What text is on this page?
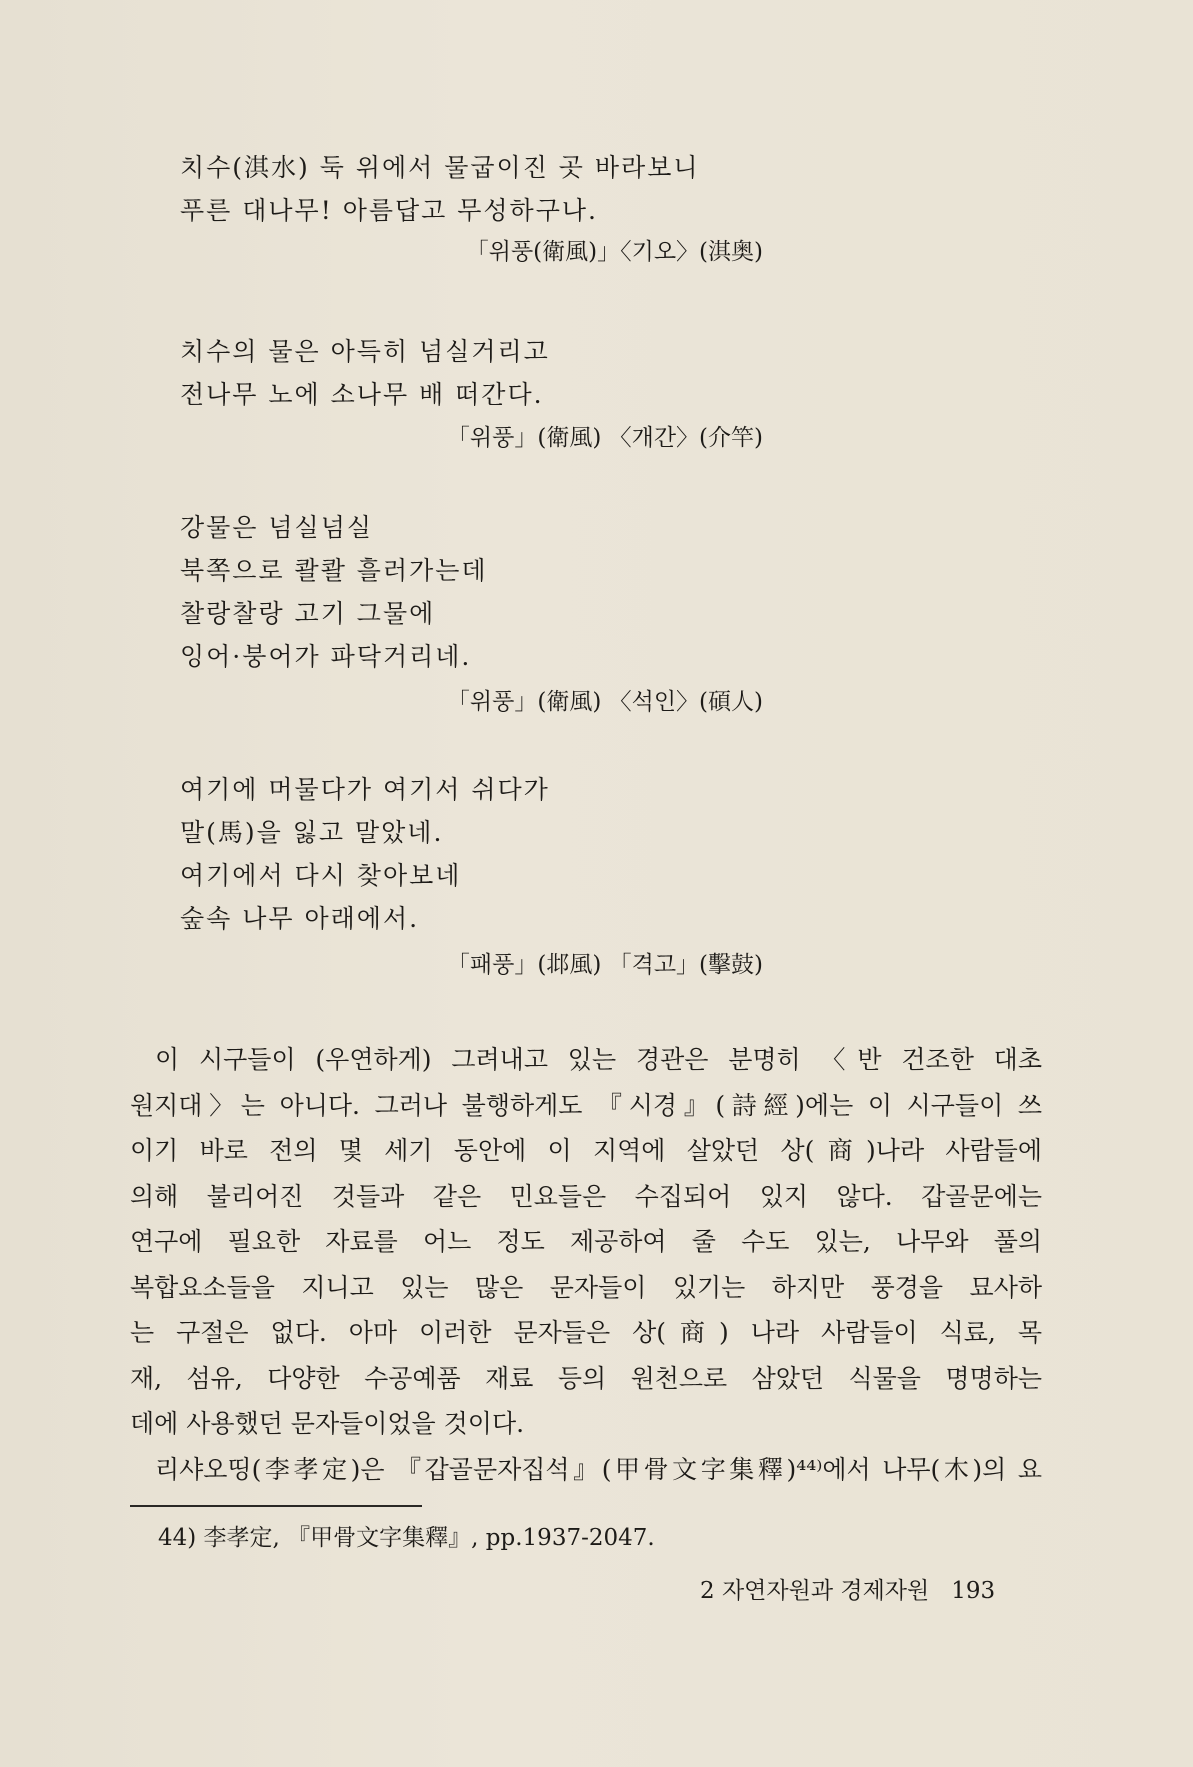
치수(淇水) 둑 위에서 물굽이진 곳 바라보니
푸른 대나무! 아름답고 무성하구나.
「위풍(衛風)」〈기오〉(淇奥)
치수의 물은 아득히 넘실거리고
전나무 노에 소나무 배 떠간다.
「위풍」(衛風) 〈개간〉(介竿)
강물은 넘실넘실
북쪽으로 콸콸 흘러가는데
찰랑찰랑 고기 그물에
잉어·붕어가 파닥거리네.
「위풍」(衛風) 〈석인〉(碩人)
여기에 머물다가 여기서 쉬다가
말(馬)을 잃고 말았네.
여기에서 다시 찾아보네
숲속 나무 아래에서.
「패풍」(邶風) 「격고」(擊鼓)

이 시구들이 (우연하게) 그려내고 있는 경관은 분명히 〈반 건조한 대초

원지대〉는 아니다. 그러나 불행하게도 『시경』(詩經)에는 이 시구들이 쓰

이기 바로 전의 몇 세기 동안에 이 지역에 살았던 상(商)나라 사람들에

의해 불리어진 것들과 같은 민요들은 수집되어 있지 않다. 갑골문에는

연구에 필요한 자료를 어느 정도 제공하여 줄 수도 있는, 나무와 풀의

복합요소들을 지니고 있는 많은 문자들이 있기는 하지만 풍경을 묘사하

는 구절은 없다. 아마 이러한 문자들은 상(商) 나라 사람들이 식료, 목

재, 섬유, 다양한 수공예품 재료 등의 원천으로 삼았던 식물을 명명하는

데에 사용했던 문자들이었을 것이다.

리샤오띵(李孝定)은 『갑골문자집석』(甲骨文字集釋)⁴⁴⁾에서 나무(木)의 요

44) 李孝定, 『甲骨文字集釋』, pp.1937-2047.
2 자연자원과 경제자원 193
